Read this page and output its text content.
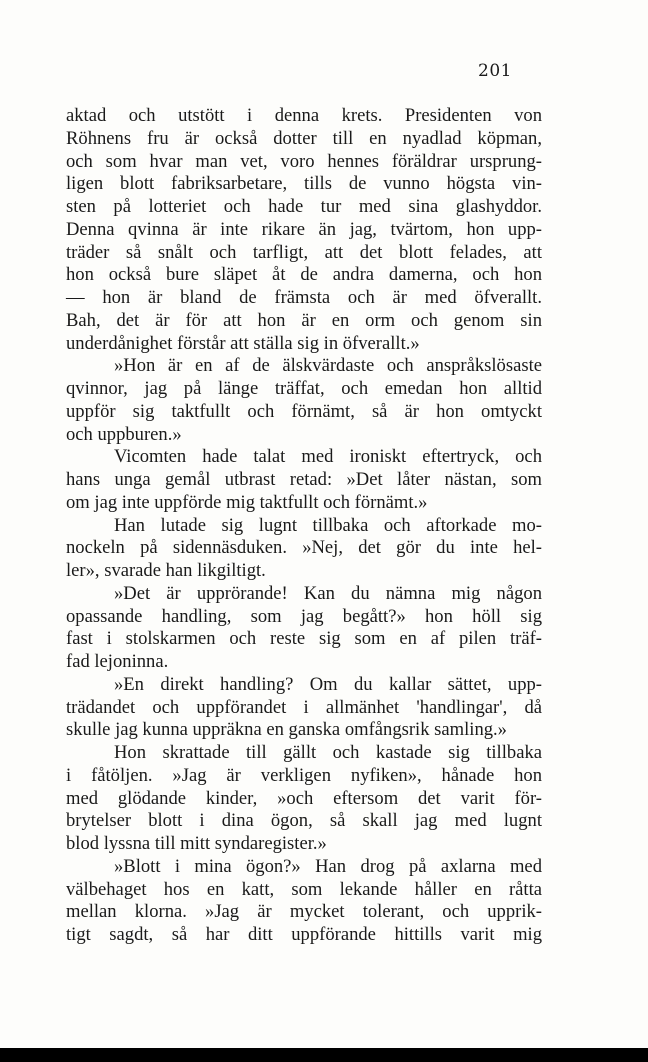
201
aktad och utstött i denna krets. Presidenten von
Röhnens fru är också dotter till en nyadlad köpman,
och som hvar man vet, voro hennes föräldrar ursprung-
ligen blott fabriksarbetare, tills de vunno högsta vin-
sten på lotteriet och hade tur med sina glashyddor.
Denna qvinna är inte rikare än jag, tvärtom, hon upp-
träder så snålt och tarfligt, att det blott felades, att
hon också bure släpet åt de andra damerna, och hon
— hon är bland de främsta och är med öfverallt.
Bah, det är för att hon är en orm och genom sin
underdånighet förstår att ställa sig in öfverallt.»
»Hon är en af de älskvärdaste och anspråkslösaste
qvinnor, jag på länge träffat, och emedan hon alltid
uppför sig taktfullt och förnämt, så är hon omtyckt
och uppburen.»
Vicomten hade talat med ironiskt eftertryck, och
hans unga gemål utbrast retad: »Det låter nästan, som
om jag inte uppförde mig taktfullt och förnämt.»
Han lutade sig lugnt tillbaka och aftorkade mo-
nockeln på sidennäsduken. »Nej, det gör du inte hel-
ler», svarade han likgiltigt.
»Det är upprörande! Kan du nämna mig någon
opassande handling, som jag begått?» hon höll sig
fast i stolskarmen och reste sig som en af pilen träf-
fad lejoninna.
»En direkt handling? Om du kallar sättet, upp-
trädandet och uppförandet i allmänhet 'handlingar', då
skulle jag kunna uppräkna en ganska omfångsrik samling.»
Hon skrattade till gällt och kastade sig tillbaka
i fåtöljen. »Jag är verkligen nyfiken», hånade hon
med glödande kinder, »och eftersom det varit för-
brytelser blott i dina ögon, så skall jag med lugnt
blod lyssna till mitt syndaregister.»
»Blott i mina ögon?» Han drog på axlarna med
välbehaget hos en katt, som lekande håller en råtta
mellan klorna. »Jag är mycket tolerant, och upprik-
tigt sagdt, så har ditt uppförande hittills varit mig
